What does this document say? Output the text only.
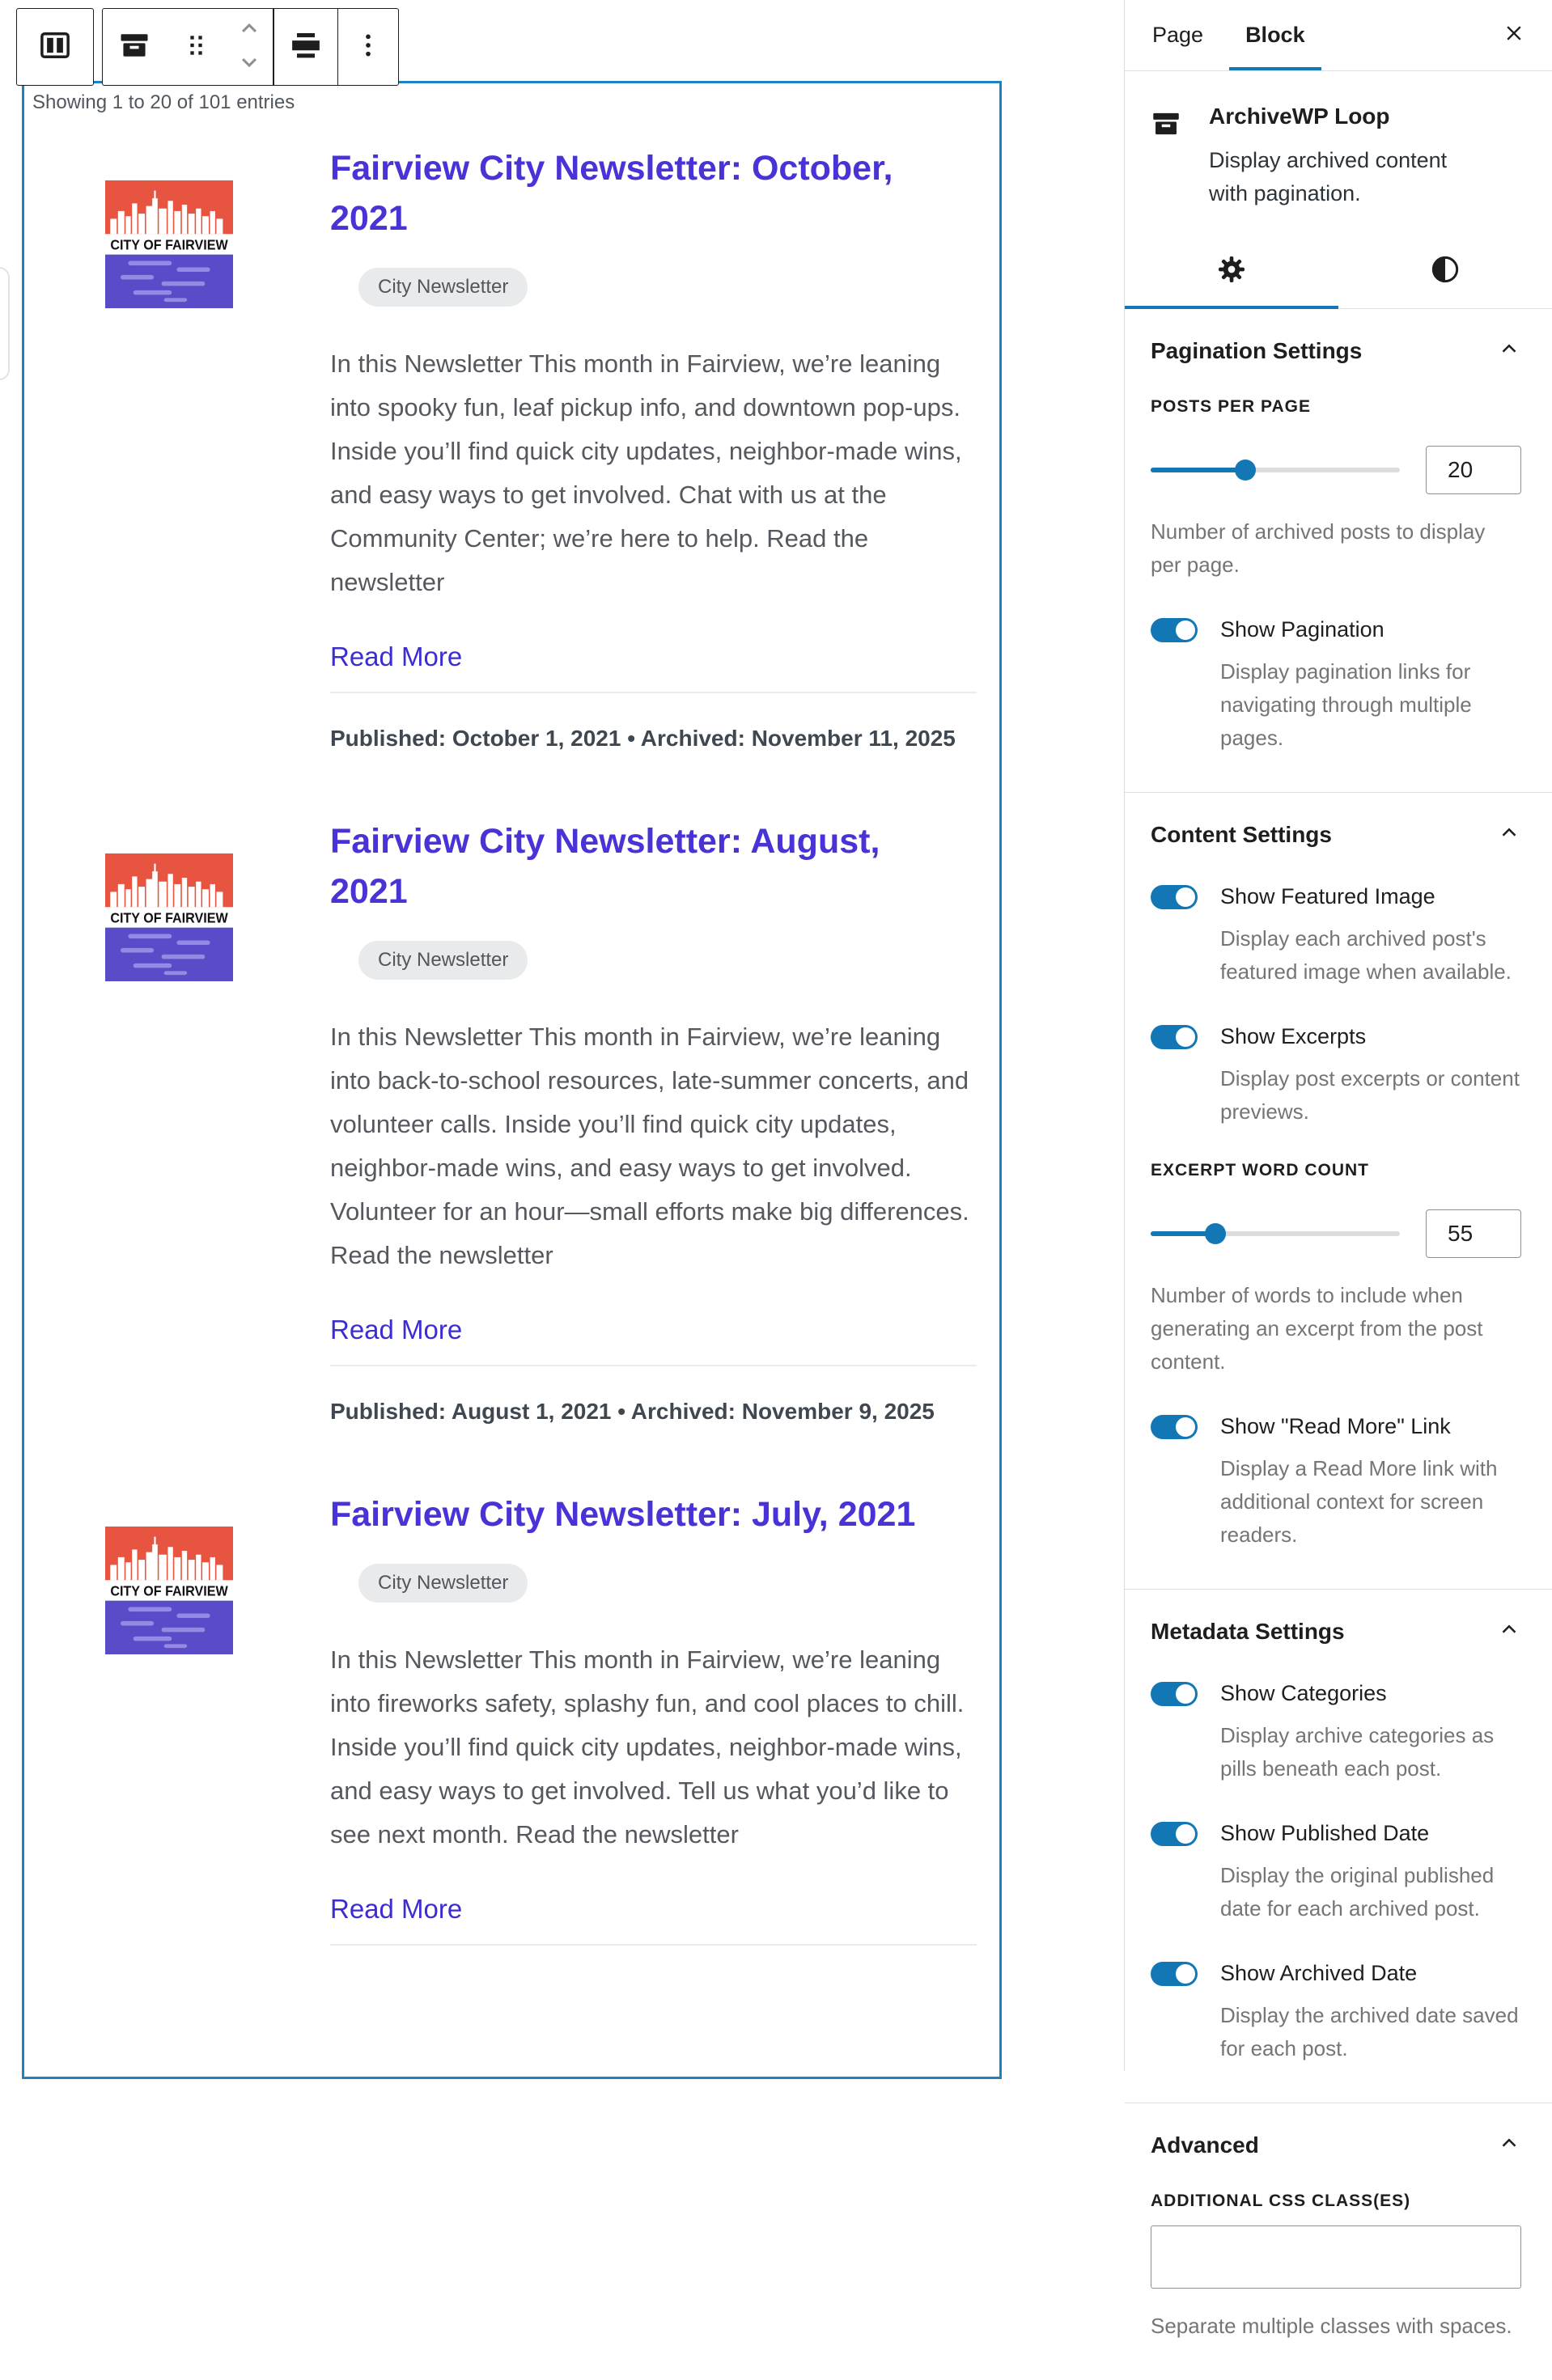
Showing 1 to 20 of 101 entries
Fairview City Newsletter: October, 2021
City Newsletter

In this Newsletter This month in Fairview, we’re leaning into spooky fun, leaf pickup info, and downtown pop-ups. Inside you’ll find quick city updates, neighbor-made wins, and easy ways to get involved. Chat with us at the Community Center; we’re here to help. Read the newsletter

Read More
Published: October 1, 2021 • Archived: November 11, 2025
Fairview City Newsletter: August, 2021
City Newsletter

In this Newsletter This month in Fairview, we’re leaning into back-to-school resources, late-summer concerts, and volunteer calls. Inside you’ll find quick city updates, neighbor-made wins, and easy ways to get involved. Volunteer for an hour—small efforts make big differences. Read the newsletter

Read More
Published: August 1, 2021 • Archived: November 9, 2025
Fairview City Newsletter: July, 2021
City Newsletter

In this Newsletter This month in Fairview, we’re leaning into fireworks safety, splashy fun, and cool places to chill. Inside you’ll find quick city updates, neighbor-made wins, and easy ways to get involved. Tell us what you’d like to see next month. Read the newsletter

Read More
Page	Block
ArchiveWP Loop
Display archived content with pagination.
Pagination Settings
POSTS PER PAGE
20
Number of archived posts to display per page.
Show Pagination
Display pagination links for navigating through multiple pages.
Content Settings
Show Featured Image
Display each archived post's featured image when available.
Show Excerpts
Display post excerpts or content previews.
EXCERPT WORD COUNT
55
Number of words to include when generating an excerpt from the post content.
Show "Read More" Link
Display a Read More link with additional context for screen readers.
Metadata Settings
Show Categories
Display archive categories as pills beneath each post.
Show Published Date
Display the original published date for each archived post.
Show Archived Date
Display the archived date saved for each post.
Advanced
ADDITIONAL CSS CLASS(ES)
Separate multiple classes with spaces.
